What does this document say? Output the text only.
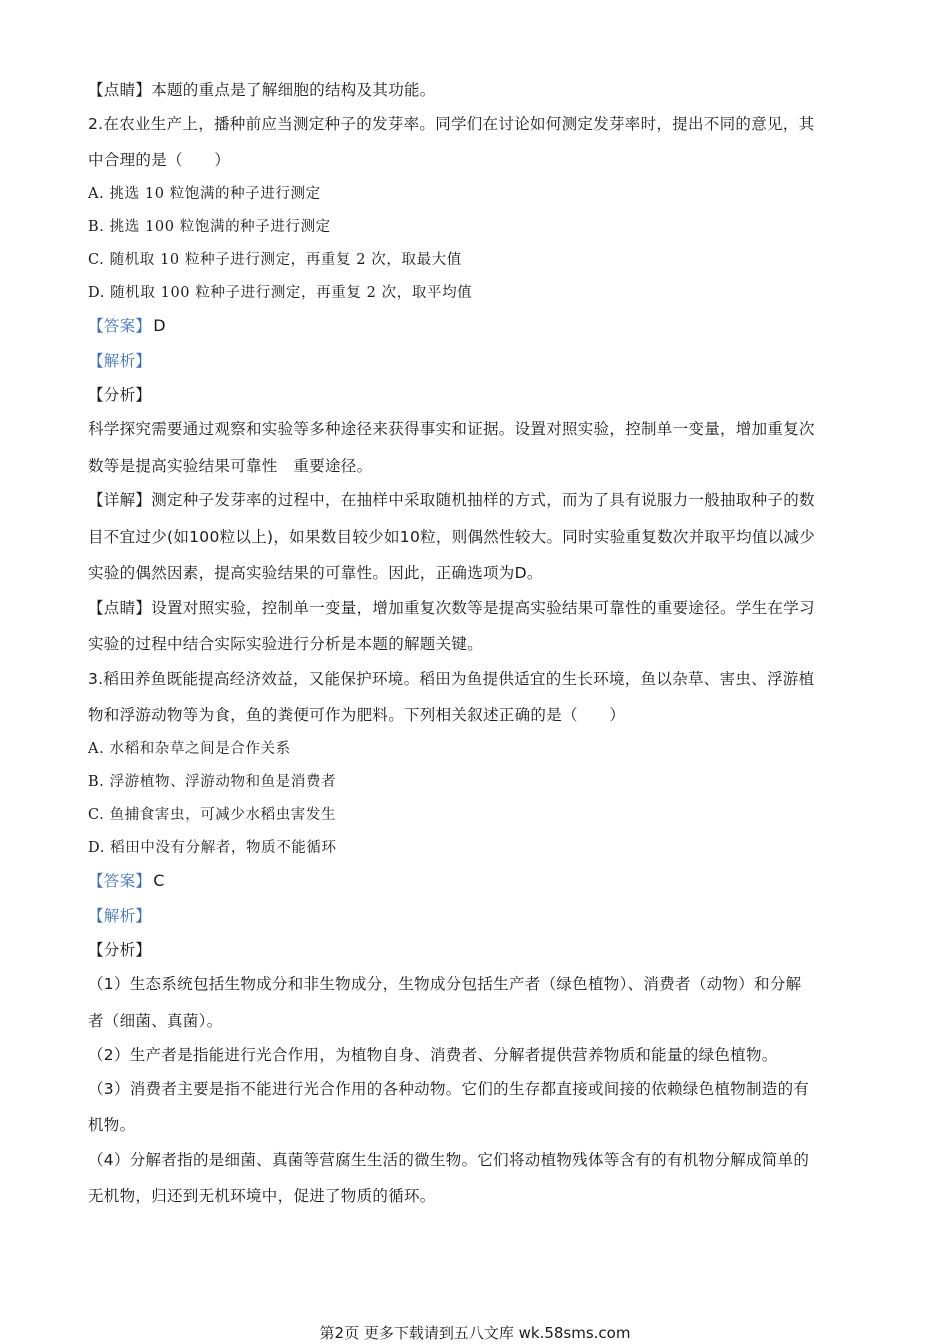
【点睛】本题的重点是了解细胞的结构及其功能。
2.在农业生产上，播种前应当测定种子的发芽率。同学们在讨论如何测定发芽率时，提出不同的意见，其
中合理的是（　　）
A. 挑选 10 粒饱满的种子进行测定
B. 挑选 100 粒饱满的种子进行测定
C. 随机取 10 粒种子进行测定，再重复 2 次，取最大值
D. 随机取 100 粒种子进行测定，再重复 2 次，取平均值
【答案】 D
【解析】
【分析】
科学探究需要通过观察和实验等多种途径来获得事实和证据。设置对照实验，控制单一变量，增加重复次
数等是提高实验结果可靠性　重要途径。
【详解】测定种子发芽率的过程中，在抽样中采取随机抽样的方式，而为了具有说服力一般抽取种子的数
目不宜过少(如100粒以上)，如果数目较少如10粒，则偶然性较大。同时实验重复数次并取平均值以减少
实验的偶然因素，提高实验结果的可靠性。因此，正确选项为D。
【点睛】设置对照实验，控制单一变量，增加重复次数等是提高实验结果可靠性的重要途径。学生在学习
实验的过程中结合实际实验进行分析是本题的解题关键。
3.稻田养鱼既能提高经济效益，又能保护环境。稻田为鱼提供适宜的生长环境，鱼以杂草、害虫、浮游植
物和浮游动物等为食，鱼的粪便可作为肥料。下列相关叙述正确的是（　　）
A. 水稻和杂草之间是合作关系
B. 浮游植物、浮游动物和鱼是消费者
C. 鱼捕食害虫，可减少水稻虫害发生
D. 稻田中没有分解者，物质不能循环
【答案】 C
【解析】
【分析】
（1）生态系统包括生物成分和非生物成分，生物成分包括生产者（绿色植物）、消费者（动物）和分解
者（细菌、真菌）。
（2）生产者是指能进行光合作用，为植物自身、消费者、分解者提供营养物质和能量的绿色植物。
（3）消费者主要是指不能进行光合作用的各种动物。它们的生存都直接或间接的依赖绿色植物制造的有
机物。
（4）分解者指的是细菌、真菌等营腐生生活的微生物。它们将动植物残体等含有的有机物分解成简单的
无机物，归还到无机环境中，促进了物质的循环。
第2页 更多下载请到五八文库 wk.58sms.com
